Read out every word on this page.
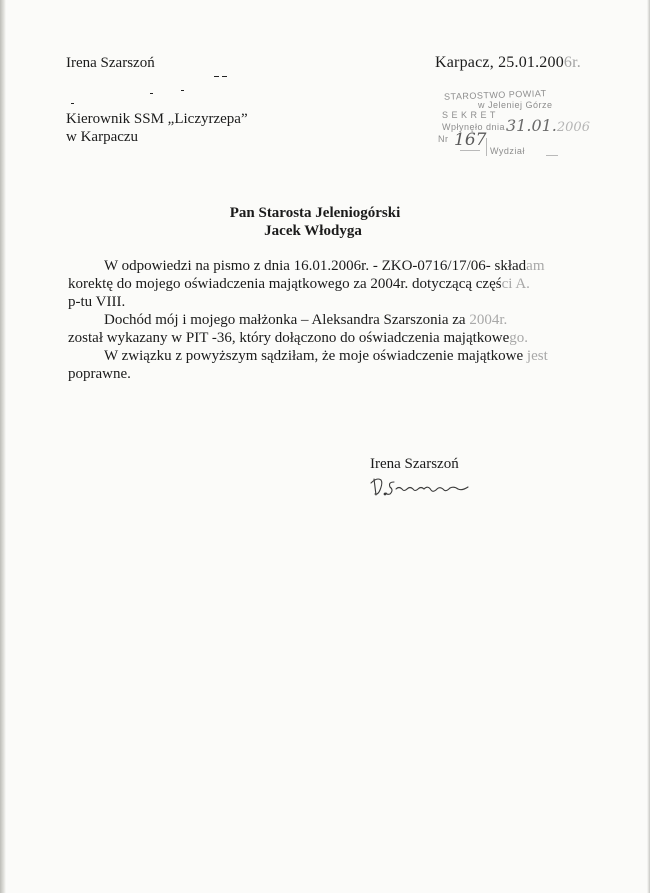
Irena Szarszoń	Karpacz, 25.01.2006r.
Kierownik SSM „Liczyrzepa”
w Karpaczu
STAROSTWO POWIAT
w Jeleniej Górze
S E K R E T
Wpłynęło dnia
Nr
Wydział
31.01.2006
167
Pan Starosta Jeleniogórski
Jacek Włodyga
W odpowiedzi na pismo z dnia 16.01.2006r. - ZKO-0716/17/06- składam
korektę do mojego oświadczenia majątkowego za 2004r. dotyczącą części A.
p-tu VIII.
Dochód mój i mojego małżonka – Aleksandra Szarszonia za 2004r.
został wykazany w PIT -36, który dołączono do oświadczenia majątkowego.
W związku z powyższym sądziłam, że moje oświadczenie majątkowe jest
poprawne.
Irena Szarszoń
